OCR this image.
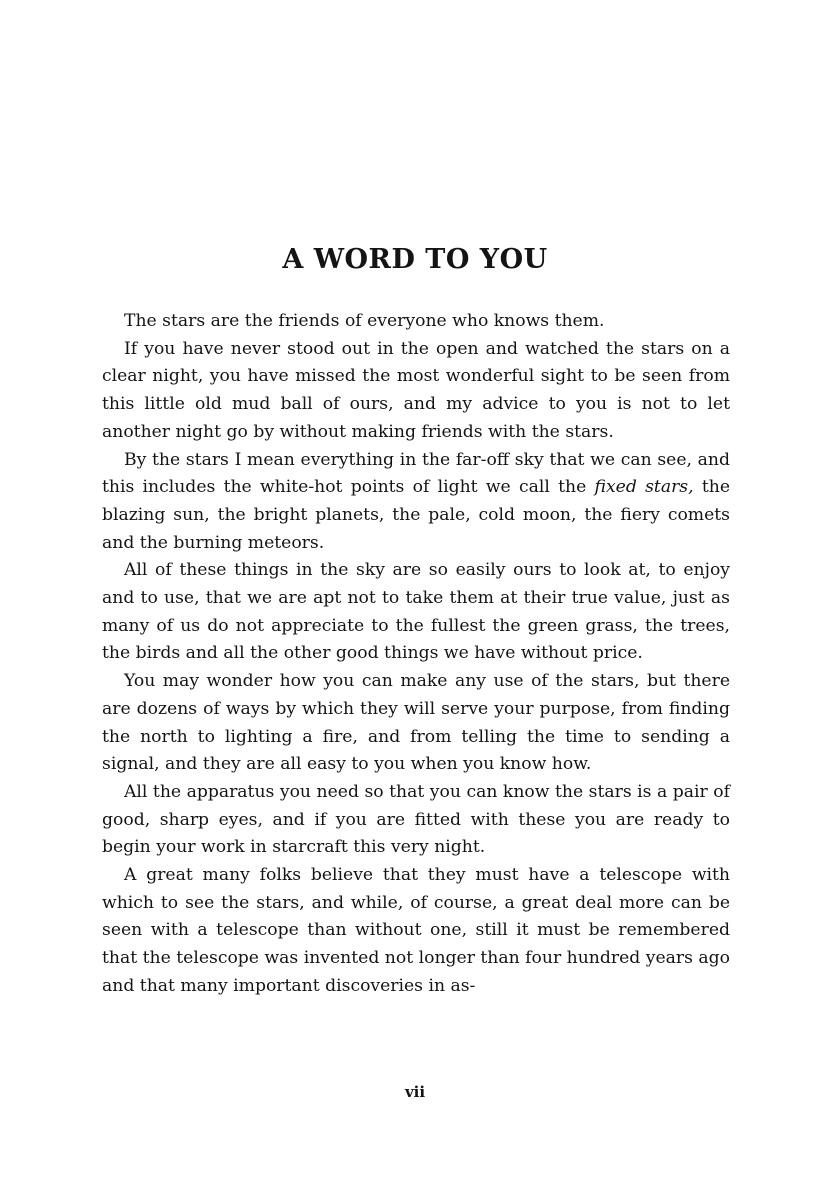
A WORD TO YOU

The stars are the friends of everyone who knows them.

If you have never stood out in the open and watched the stars on a clear night, you have missed the most wonderful sight to be seen from this little old mud ball of ours, and my advice to you is not to let another night go by without making friends with the stars.

By the stars I mean everything in the far-off sky that we can see, and this includes the white-hot points of light we call the fixed stars, the blazing sun, the bright planets, the pale, cold moon, the fiery comets and the burning meteors.

All of these things in the sky are so easily ours to look at, to enjoy and to use, that we are apt not to take them at their true value, just as many of us do not appreciate to the fullest the green grass, the trees, the birds and all the other good things we have without price.

You may wonder how you can make any use of the stars, but there are dozens of ways by which they will serve your purpose, from finding the north to lighting a fire, and from telling the time to sending a signal, and they are all easy to you when you know how.

All the apparatus you need so that you can know the stars is a pair of good, sharp eyes, and if you are fitted with these you are ready to begin your work in starcraft this very night.

A great many folks believe that they must have a telescope with which to see the stars, and while, of course, a great deal more can be seen with a telescope than without one, still it must be remembered that the telescope was invented not longer than four hundred years ago and that many important discoveries in as-

vii
